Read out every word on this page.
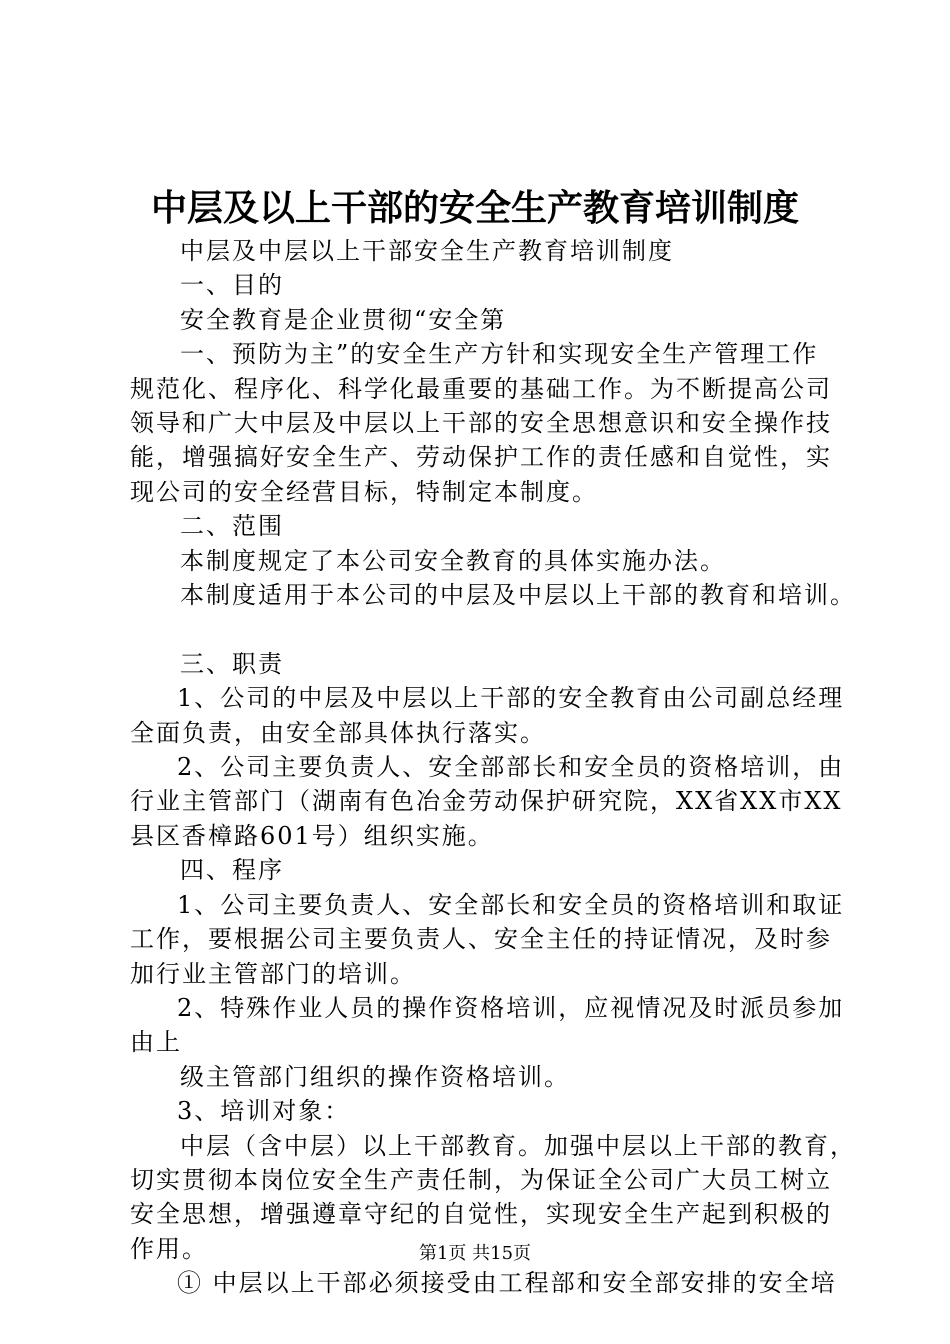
中层及以上干部的安全生产教育培训制度

中层及中层以上干部安全生产教育培训制度

一、目的

安全教育是企业贯彻“安全第

一、预防为主”的安全生产方针和实现安全生产管理工作

规范化、程序化、科学化最重要的基础工作。为不断提高公司

领导和广大中层及中层以上干部的安全思想意识和安全操作技

能，增强搞好安全生产、劳动保护工作的责任感和自觉性，实

现公司的安全经营目标，特制定本制度。

二、范围

本制度规定了本公司安全教育的具体实施办法。

本制度适用于本公司的中层及中层以上干部的教育和培训。

三、职责

1、公司的中层及中层以上干部的安全教育由公司副总经理

全面负责，由安全部具体执行落实。

2、公司主要负责人、安全部部长和安全员的资格培训，由

行业主管部门（湖南有色冶金劳动保护研究院，XX省XX市XX

县区香樟路601号）组织实施。

四、程序

1、公司主要负责人、安全部长和安全员的资格培训和取证

工作，要根据公司主要负责人、安全主任的持证情况，及时参

加行业主管部门的培训。

2、特殊作业人员的操作资格培训，应视情况及时派员参加

由上

级主管部门组织的操作资格培训。

3、培训对象：

中层（含中层）以上干部教育。加强中层以上干部的教育，

切实贯彻本岗位安全生产责任制，为保证全公司广大员工树立

安全思想，增强遵章守纪的自觉性，实现安全生产起到积极的

作用。

① 中层以上干部必须接受由工程部和安全部安排的安全培

第1页 共15页
